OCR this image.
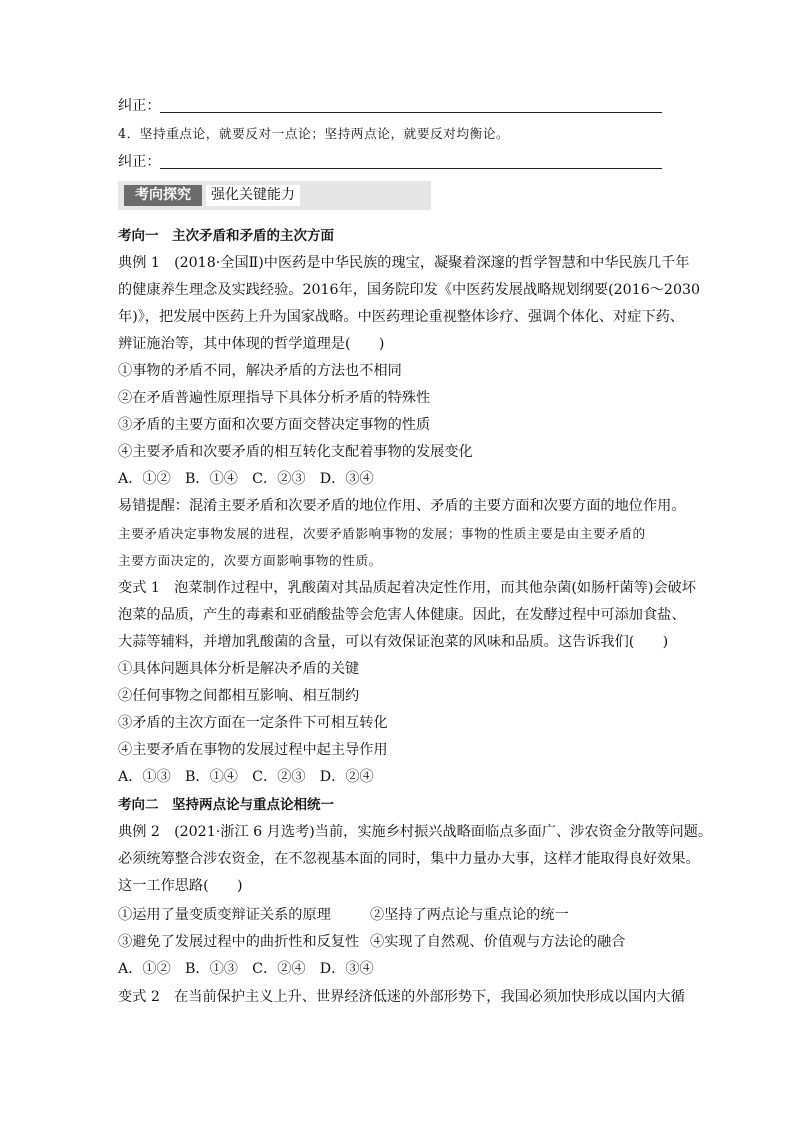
纠正：
4．坚持重点论，就要反对一点论；坚持两点论，就要反对均衡论。
纠正：
考向探究	强化关键能力
考向一　主次矛盾和矛盾的主次方面
典例 1　(2018·全国Ⅱ)中医药是中华民族的瑰宝，凝聚着深邃的哲学智慧和中华民族几千年
的健康养生理念及实践经验。2016年，国务院印发《中医药发展战略规划纲要(2016～2030
年)》，把发展中医药上升为国家战略。中医药理论重视整体诊疗、强调个体化、对症下药、
辨证施治等，其中体现的哲学道理是(　　)
①事物的矛盾不同，解决矛盾的方法也不相同
②在矛盾普遍性原理指导下具体分析矛盾的特殊性
③矛盾的主要方面和次要方面交替决定事物的性质
④主要矛盾和次要矛盾的相互转化支配着事物的发展变化
A．①②　B．①④　C．②③　D．③④
易错提醒：混淆主要矛盾和次要矛盾的地位作用、矛盾的主要方面和次要方面的地位作用。
主要矛盾决定事物发展的进程，次要矛盾影响事物的发展；事物的性质主要是由主要矛盾的
主要方面决定的，次要方面影响事物的性质。
变式 1　泡菜制作过程中，乳酸菌对其品质起着决定性作用，而其他杂菌(如肠杆菌等)会破坏
泡菜的品质，产生的毒素和亚硝酸盐等会危害人体健康。因此，在发酵过程中可添加食盐、
大蒜等辅料，并增加乳酸菌的含量，可以有效保证泡菜的风味和品质。这告诉我们(　　)
①具体问题具体分析是解决矛盾的关键
②任何事物之间都相互影响、相互制约
③矛盾的主次方面在一定条件下可相互转化
④主要矛盾在事物的发展过程中起主导作用
A．①③　B．①④　C．②③　D．②④
考向二　坚持两点论与重点论相统一
典例 2　(2021·浙江 6 月选考)当前，实施乡村振兴战略面临点多面广、涉农资金分散等问题。
必须统筹整合涉农资金，在不忽视基本面的同时，集中力量办大事，这样才能取得良好效果。
这一工作思路(　　)
①运用了量变质变辩证关系的原理	②坚持了两点论与重点论的统一
③避免了发展过程中的曲折性和反复性 ④实现了自然观、价值观与方法论的融合
A．①②　B．①③　C．②④　D．③④
变式 2　在当前保护主义上升、世界经济低迷的外部形势下，我国必须加快形成以国内大循
